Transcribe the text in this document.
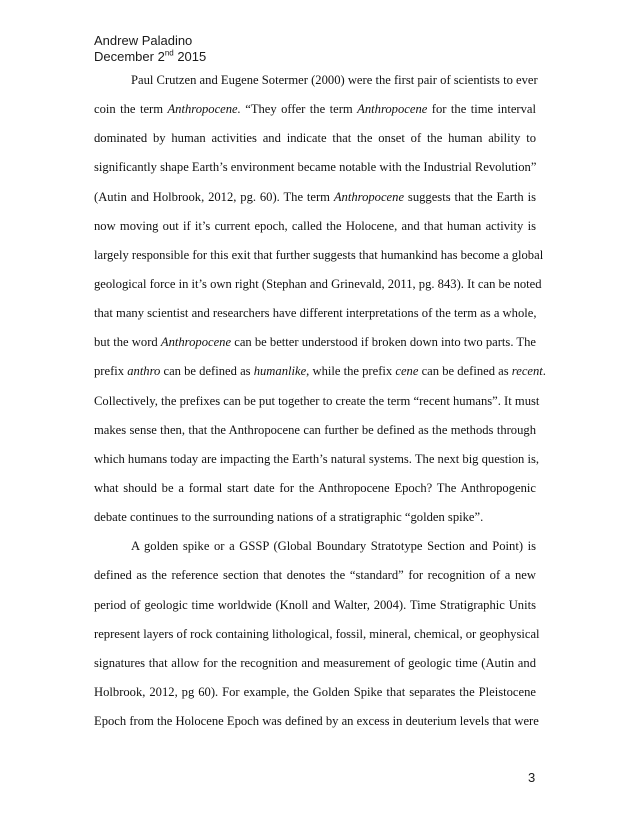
Andrew Paladino
December 2nd 2015
Paul Crutzen and Eugene Sotermer (2000) were the first pair of scientists to ever
coin the term Anthropocene. “They offer the term Anthropocene for the time interval
dominated by human activities and indicate that the onset of the human ability to
significantly shape Earth’s environment became notable with the Industrial Revolution”
(Autin and Holbrook, 2012, pg. 60). The term Anthropocene suggests that the Earth is
now moving out if it’s current epoch, called the Holocene, and that human activity is
largely responsible for this exit that further suggests that humankind has become a global
geological force in it’s own right (Stephan and Grinevald, 2011, pg. 843). It can be noted
that many scientist and researchers have different interpretations of the term as a whole,
but the word Anthropocene can be better understood if broken down into two parts. The
prefix anthro can be defined as humanlike, while the prefix cene can be defined as recent.
Collectively, the prefixes can be put together to create the term “recent humans”. It must
makes sense then, that the Anthropocene can further be defined as the methods through
which humans today are impacting the Earth’s natural systems. The next big question is,
what should be a formal start date for the Anthropocene Epoch? The Anthropogenic
debate continues to the surrounding nations of a stratigraphic “golden spike”.
A golden spike or a GSSP (Global Boundary Stratotype Section and Point) is
defined as the reference section that denotes the “standard” for recognition of a new
period of geologic time worldwide (Knoll and Walter, 2004). Time Stratigraphic Units
represent layers of rock containing lithological, fossil, mineral, chemical, or geophysical
signatures that allow for the recognition and measurement of geologic time (Autin and
Holbrook, 2012, pg 60). For example, the Golden Spike that separates the Pleistocene
Epoch from the Holocene Epoch was defined by an excess in deuterium levels that were
3
